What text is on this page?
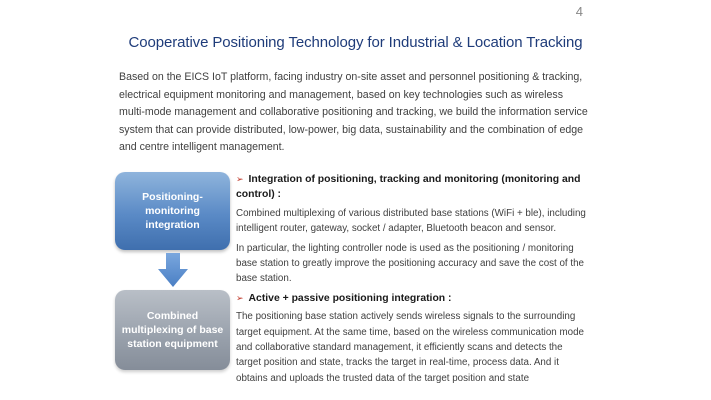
4
Cooperative Positioning Technology for Industrial & Location Tracking

Based on the EICS IoT platform, facing industry on-site asset and personnel positioning & tracking, electrical equipment monitoring and management, based on key technologies such as wireless multi-mode management and collaborative positioning and tracking, we build the information service system that can provide distributed, low-power, big data, sustainability and the combination of edge and centre intelligent management.

Positioning-monitoring integration
Combined multiplexing of base station equipment

➢ Integration of positioning, tracking and monitoring (monitoring and control) :

Combined multiplexing of various distributed base stations (WiFi + ble), including intelligent router, gateway, socket / adapter, Bluetooth beacon and sensor.

In particular, the lighting controller node is used as the positioning / monitoring base station to greatly improve the positioning accuracy and save the cost of the base station.

➢ Active + passive positioning integration :

The positioning base station actively sends wireless signals to the surrounding target equipment. At the same time, based on the wireless communication mode and collaborative standard management, it efficiently scans and detects the target position and state, tracks the target in real-time, process data. And it obtains and uploads the trusted data of the target position and state
